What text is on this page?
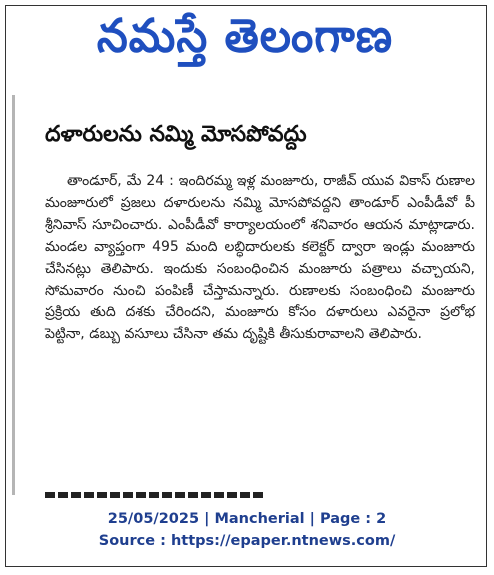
నమస్తే తెలంగాణ
దళారులను నమ్మి మోసపోవద్దు

తాండూర్, మే 24 : ఇందిరమ్మ ఇళ్ల మంజూరు, రాజీవ్ యువ వికాస్ రుణాల మంజూరులో ప్రజలు దళారులను నమ్మి మోసపోవద్దని తాండూర్ ఎంపీడీవో పీ శ్రీనివాస్ సూచించారు. ఎంపీడీవో కార్యాలయంలో శనివారం ఆయన మాట్లాడారు. మండల వ్యాప్తంగా 495 మంది లబ్ధిదారులకు కలెక్టర్ ద్వారా ఇండ్లు మంజూరు చేసినట్లు తెలిపారు. ఇందుకు సంబంధించిన మంజూరు పత్రాలు వచ్చాయని, సోమవారం నుంచి పంపిణీ చేస్తామన్నారు. రుణాలకు సంబంధించి మంజూరు ప్రక్రియ తుది దశకు చేరిందని, మంజూరు కోసం దళారులు ఎవరైనా ప్రలోభ పెట్టినా, డబ్బు వసూలు చేసినా తమ దృష్టికి తీసుకురావాలని తెలిపారు.

25/05/2025 | Mancherial | Page : 2
Source : https://epaper.ntnews.com/
